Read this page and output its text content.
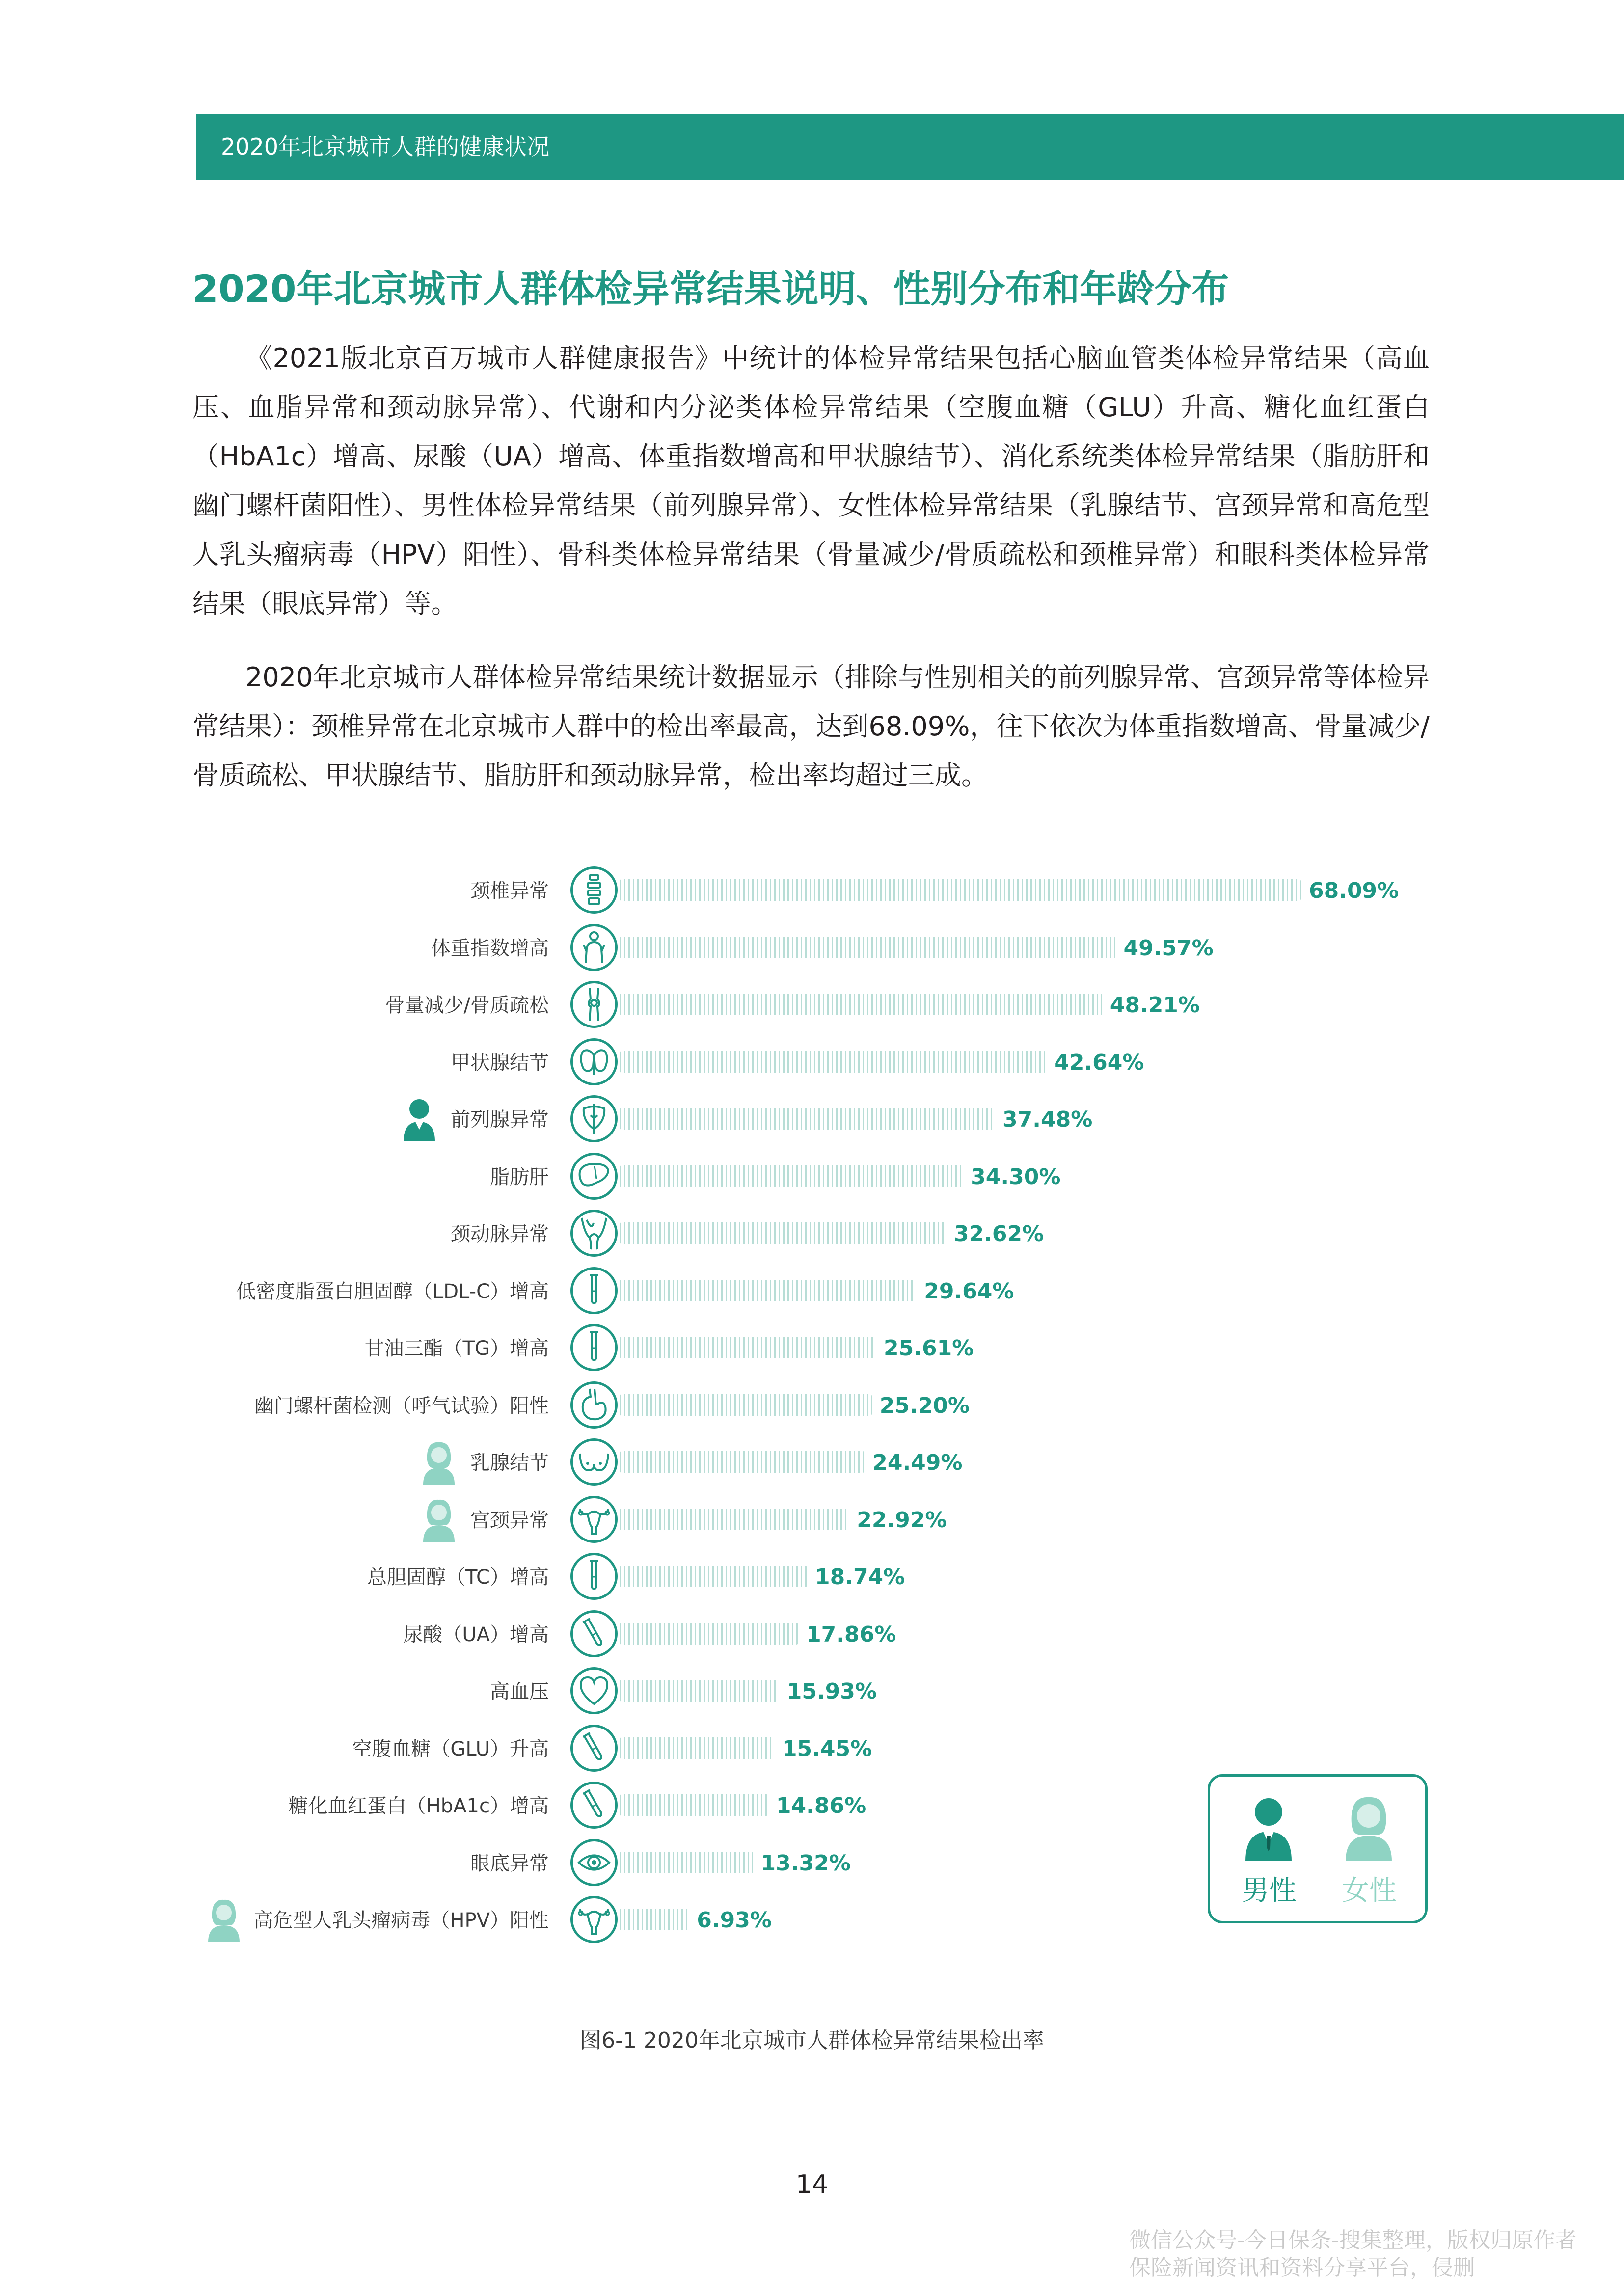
2020年北京城市人群的健康状况
2020年北京城市人群体检异常结果说明、性别分布和年龄分布

《2021版北京百万城市人群健康报告》中统计的体检异常结果包括心脑血管类体检异常结果（高血压、血脂异常和颈动脉异常）、代谢和内分泌类体检异常结果（空腹血糖（GLU）升高、糖化血红蛋白（HbA1c）增高、尿酸（UA）增高、体重指数增高和甲状腺结节）、消化系统类体检异常结果（脂肪肝和幽门螺杆菌阳性）、男性体检异常结果（前列腺异常）、女性体检异常结果（乳腺结节、宫颈异常和高危型人乳头瘤病毒（HPV）阳性）、骨科类体检异常结果（骨量减少/骨质疏松和颈椎异常）和眼科类体检异常结果（眼底异常）等。

2020年北京城市人群体检异常结果统计数据显示（排除与性别相关的前列腺异常、宫颈异常等体检异常结果）：颈椎异常在北京城市人群中的检出率最高，达到68.09%，往下依次为体重指数增高、骨量减少/骨质疏松、甲状腺结节、脂肪肝和颈动脉异常，检出率均超过三成。

颈椎异常	68.09%
体重指数增高	49.57%
骨量减少/骨质疏松	48.21%
甲状腺结节	42.64%
前列腺异常	37.48%
脂肪肝	34.30%
颈动脉异常	32.62%
低密度脂蛋白胆固醇（LDL-C）增高	29.64%
甘油三酯（TG）增高	25.61%
幽门螺杆菌检测（呼气试验）阳性	25.20%
乳腺结节	24.49%
宫颈异常	22.92%
总胆固醇（TC）增高	18.74%
尿酸（UA）增高	17.86%
高血压	15.93%
空腹血糖（GLU）升高	15.45%
糖化血红蛋白（HbA1c）增高	14.86%
眼底异常	13.32%
高危型人乳头瘤病毒（HPV）阳性	6.93%
男性	女性
图6-1 2020年北京城市人群体检异常结果检出率
14
微信公众号-今日保条-搜集整理，版权归原作者
保险新闻资讯和资料分享平台，侵删
